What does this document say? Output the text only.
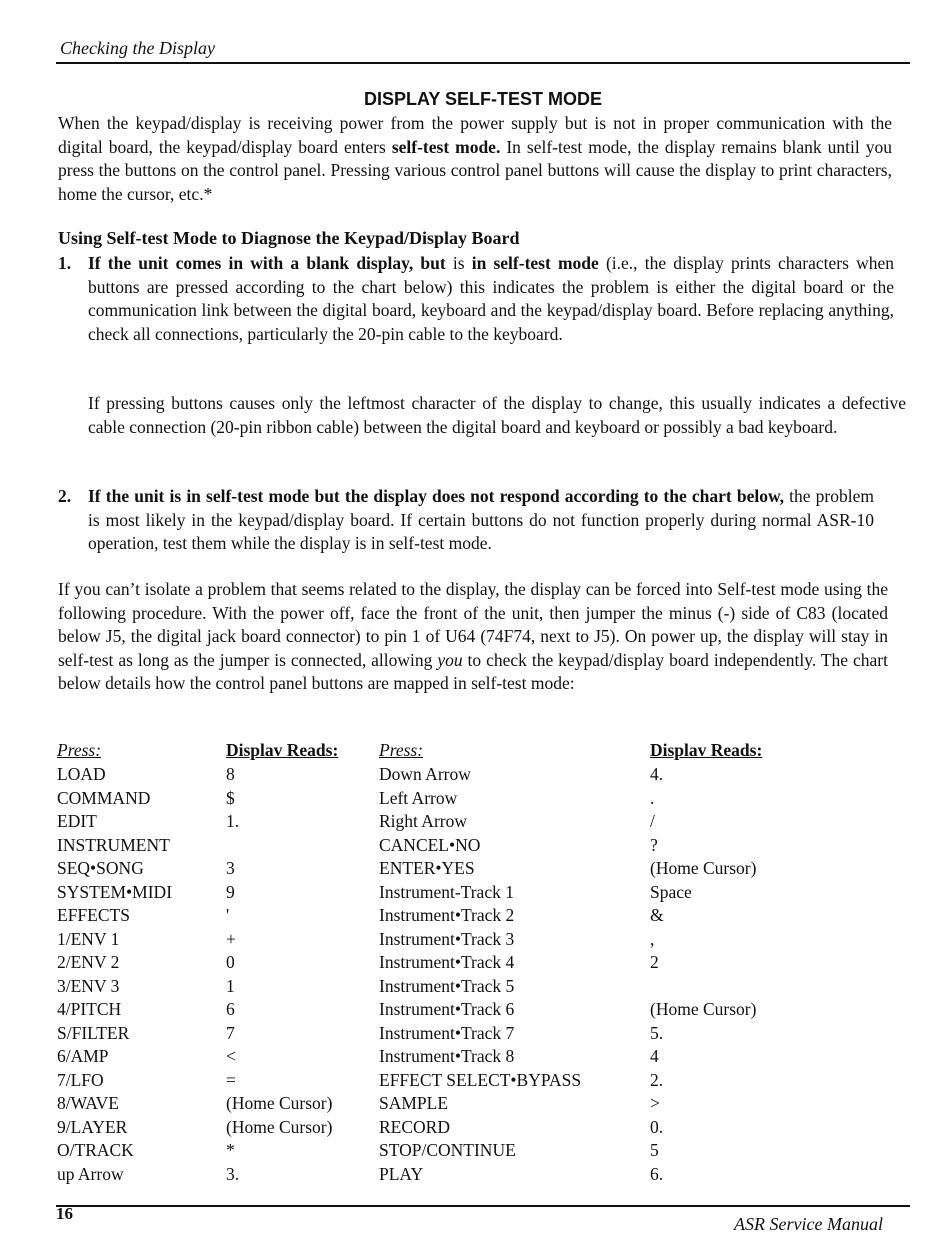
Checking the Display
DISPLAY SELF-TEST MODE
When the keypad/display is receiving power from the power supply but is not in proper communication with the digital board, the keypad/display board enters self-test mode. In self-test mode, the display remains blank until you press the buttons on the control panel. Pressing various control panel buttons will cause the display to print characters, home the cursor, etc.*
Using Self-test Mode to Diagnose the Keypad/Display Board
1. If the unit comes in with a blank display, but is in self-test mode (i.e., the display prints characters when buttons are pressed according to the chart below) this indicates the problem is either the digital board or the communication link between the digital board, keyboard and the keypad/display board. Before replacing anything, check all connections, particularly the 20-pin cable to the keyboard.
If pressing buttons causes only the leftmost character of the display to change, this usually indicates a defective cable connection (20-pin ribbon cable) between the digital board and keyboard or possibly a bad keyboard.
2. If the unit is in self-test mode but the display does not respond according to the chart below, the problem is most likely in the keypad/display board. If certain buttons do not function properly during normal ASR-10 operation, test them while the display is in self-test mode.
If you can’t isolate a problem that seems related to the display, the display can be forced into Self-test mode using the following procedure. With the power off, face the front of the unit, then jumper the minus (-) side of C83 (located below J5, the digital jack board connector) to pin 1 of U64 (74F74, next to J5). On power up, the display will stay in self-test as long as the jumper is connected, allowing you to check the keypad/display board independently. The chart below details how the control panel buttons are mapped in self-test mode:
Press:	Displav Reads: Press:	Displav Reads:
LOAD
COMMAND
EDIT
INSTRUMENT
SEQ•SONG
SYSTEM•MIDI
EFFECTS
1/ENV 1
2/ENV 2
3/ENV 3
4/PITCH
S/FILTER
6/AMP
7/LFO
8/WAVE
9/LAYER
O/TRACK
up Arrow
8
$
1.
3
9
'
+
0
1
6
7
<
=
(Home Cursor)
(Home Cursor)
*
3.
Down Arrow
Left Arrow
Right Arrow
CANCEL•NO
ENTER•YES
Instrument-Track 1
Instrument•Track 2
Instrument•Track 3
Instrument•Track 4
Instrument•Track 5
Instrument•Track 6
Instrument•Track 7
Instrument•Track 8
EFFECT SELECT•BYPASS
SAMPLE
RECORD
STOP/CONTINUE
PLAY
4.
.
/
?
(Home Cursor)
Space
&
,
2
(Home Cursor)
5.
4
2.
>
0.
5
6.
16
ASR Service Manual
